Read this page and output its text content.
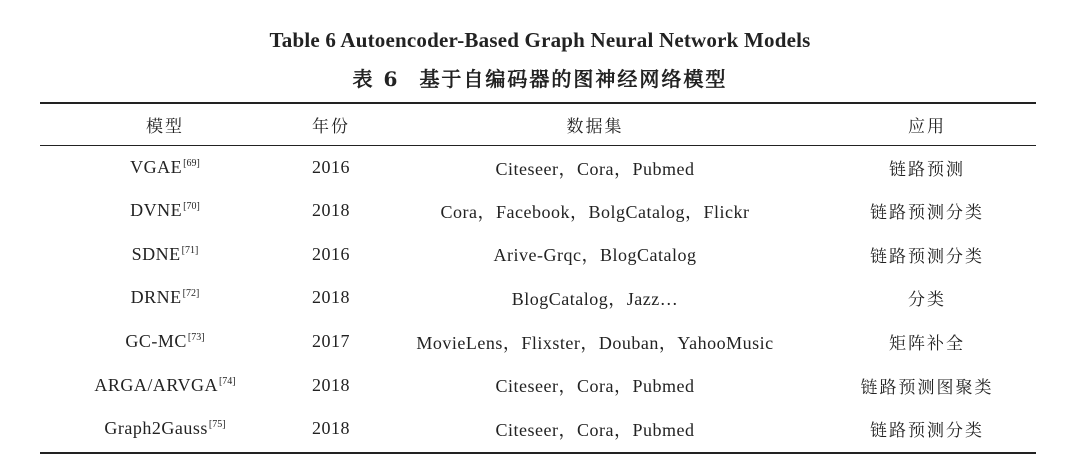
Table 6 Autoencoder-Based Graph Neural Network Models
表 6 基于自编码器的图神经网络模型
模型	年份	数据集	应用
VGAE[69]	2016	Citeseer，Cora，Pubmed	链路预测
DVNE[70]	2018	Cora，Facebook，BolgCatalog，Flickr	链路预测分类
SDNE[71]	2016	Arive-Grqc，BlogCatalog	链路预测分类
DRNE[72]	2018	BlogCatalog，Jazz…	分类
GC-MC[73]	2017	MovieLens，Flixster，Douban，YahooMusic	矩阵补全
ARGA/ARVGA[74]	2018	Citeseer，Cora，Pubmed	链路预测图聚类
Graph2Gauss[75]	2018	Citeseer，Cora，Pubmed	链路预测分类
